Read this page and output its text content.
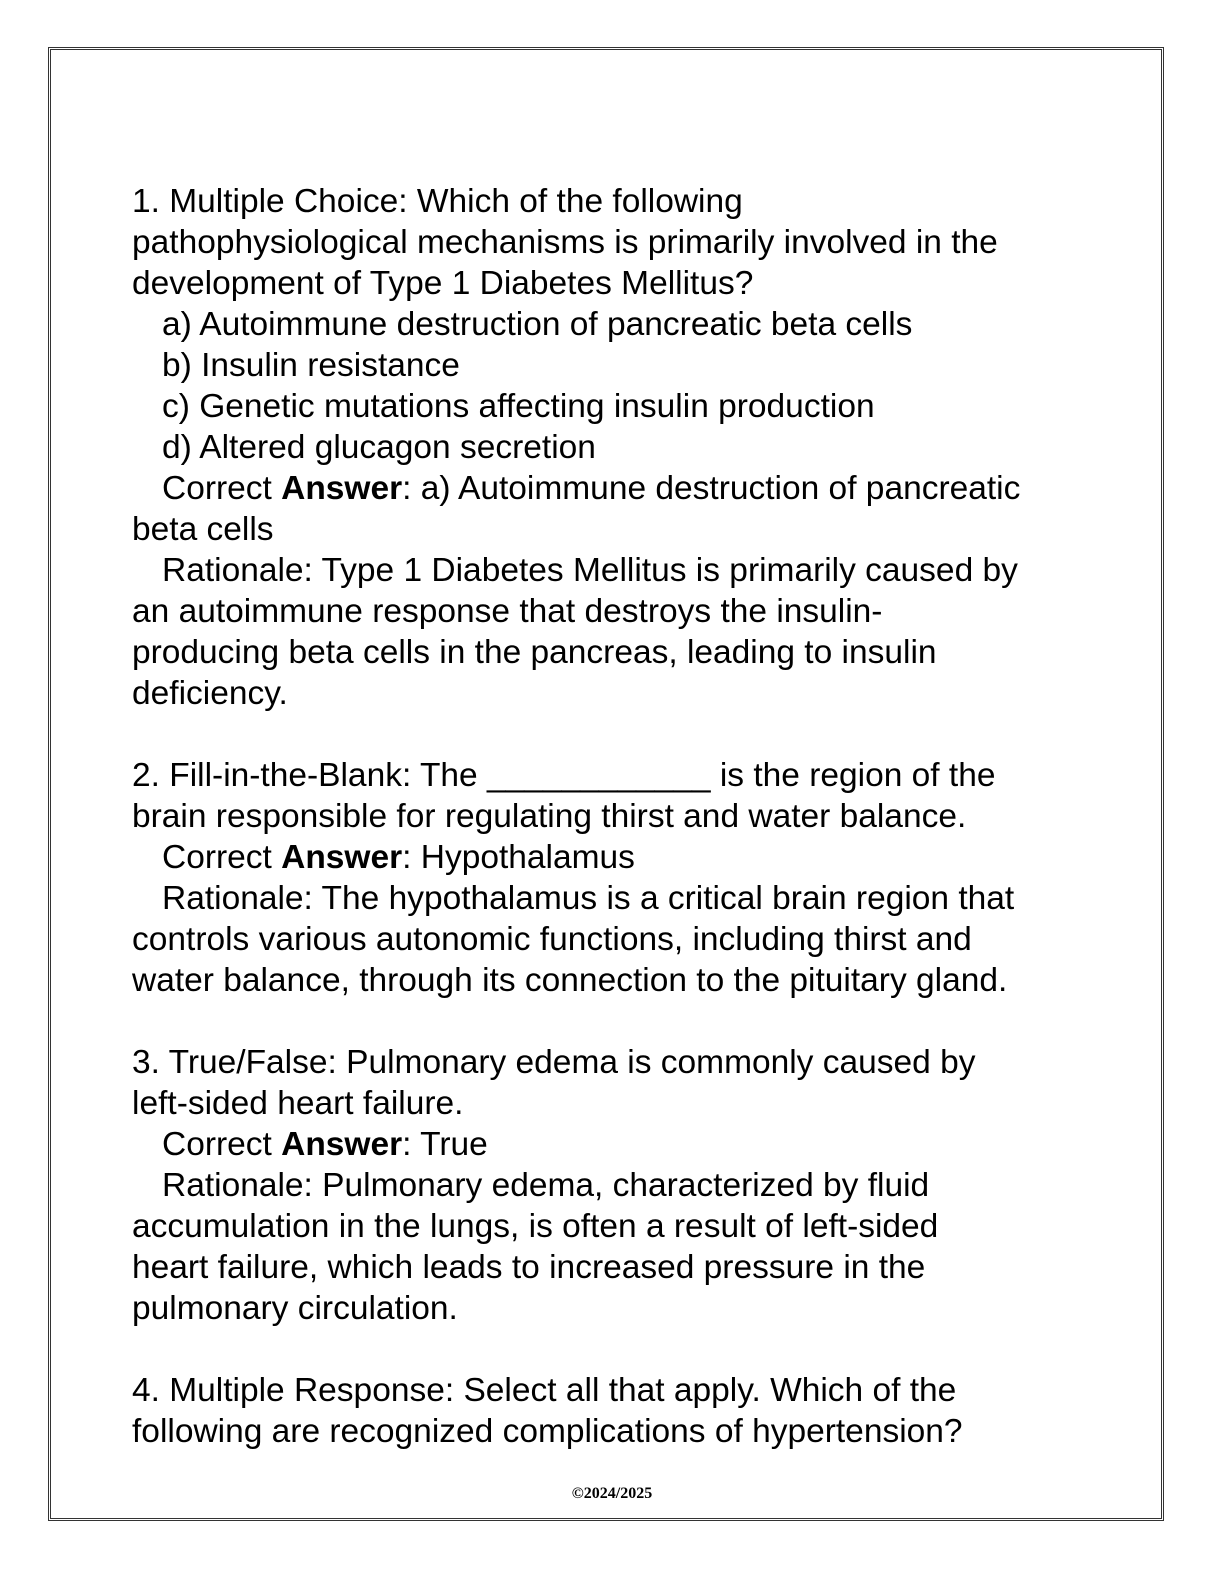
1. Multiple Choice: Which of the following
pathophysiological mechanisms is primarily involved in the
development of Type 1 Diabetes Mellitus?
a) Autoimmune destruction of pancreatic beta cells
b) Insulin resistance
c) Genetic mutations affecting insulin production
d) Altered glucagon secretion
Correct Answer: a) Autoimmune destruction of pancreatic
beta cells
Rationale: Type 1 Diabetes Mellitus is primarily caused by
an autoimmune response that destroys the insulin-
producing beta cells in the pancreas, leading to insulin
deficiency.
2. Fill-in-the-Blank: The ____________ is the region of the
brain responsible for regulating thirst and water balance.
Correct Answer: Hypothalamus
Rationale: The hypothalamus is a critical brain region that
controls various autonomic functions, including thirst and
water balance, through its connection to the pituitary gland.
3. True/False: Pulmonary edema is commonly caused by
left-sided heart failure.
Correct Answer: True
Rationale: Pulmonary edema, characterized by fluid
accumulation in the lungs, is often a result of left-sided
heart failure, which leads to increased pressure in the
pulmonary circulation.
4. Multiple Response: Select all that apply. Which of the
following are recognized complications of hypertension?
©2024/2025
